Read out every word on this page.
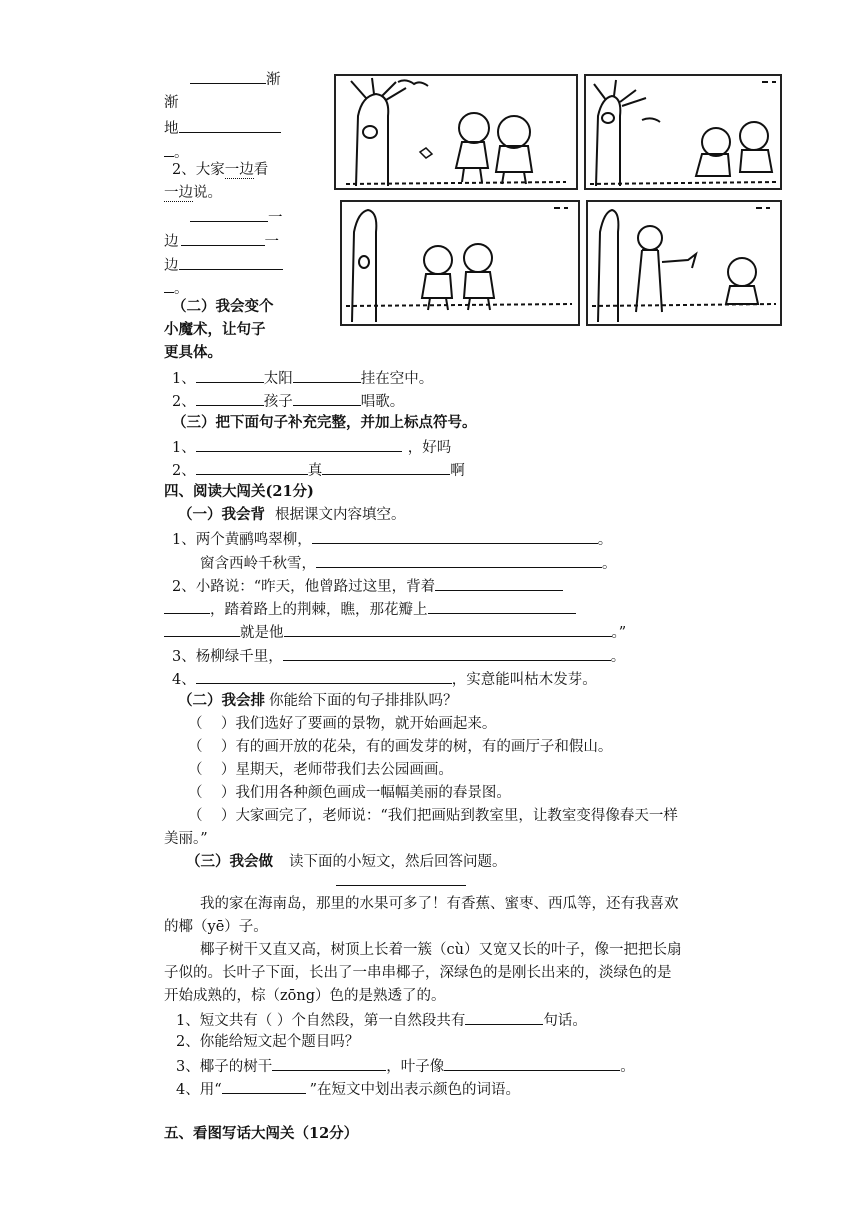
渐
渐
地
。
2、大家一边看
一边说。
一
边	一
边
。
（二）我会变个
小魔术，让句子
更具体。
1、	太阳	挂在空中。
2、	孩子	唱歌。
（三）把下面句子补充完整，并加上标点符号。
1、	，好吗
2、	真	啊
四、阅读大闯关(21分)
（一）我会背 根据课文内容填空。
1、两个黄鹂鸣翠柳，	。
窗含西岭千秋雪，	。
2、小路说：“昨天，他曾路过这里，背着
，踏着路上的荆棘，瞧，那花瓣上
就是他	。”
3、杨柳绿千里，	。
4、	，实意能叫枯木发芽。
（二）我会排 你能给下面的句子排排队吗？
（    ）我们选好了要画的景物，就开始画起来。
（    ）有的画开放的花朵，有的画发芽的树，有的画厅子和假山。
（    ）星期天，老师带我们去公园画画。
（    ）我们用各种颜色画成一幅幅美丽的春景图。
（    ）大家画完了，老师说：“我们把画贴到教室里，让教室变得像春天一样
美丽。”
（三）我会做 读下面的小短文，然后回答问题。
我的家在海南岛，那里的水果可多了！有香蕉、蜜枣、西瓜等，还有我喜欢
的椰（yē）子。
椰子树干又直又高，树顶上长着一簇（cù）又宽又长的叶子，像一把把长扇
子似的。长叶子下面，长出了一串串椰子，深绿色的是刚长出来的，淡绿色的是
开始成熟的，棕（zōng）色的是熟透了的。
1、短文共有（ ）个自然段，第一自然段共有	句话。
2、你能给短文起个题目吗？
3、椰子的树干	，叶子像	。
4、用“	”在短文中划出表示颜色的词语。
五、看图写话大闯关（12分）
